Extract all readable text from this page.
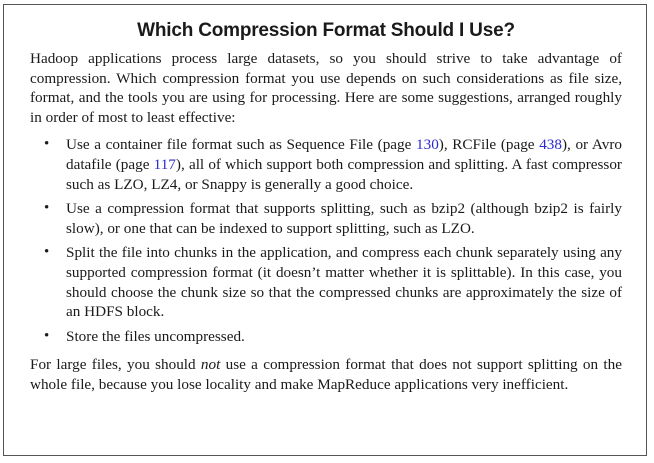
Which Compression Format Should I Use?

Hadoop applications process large datasets, so you should strive to take advantage of compression. Which compression format you use depends on such considerations as file size, format, and the tools you are using for processing. Here are some suggestions, arranged roughly in order of most to least effective:

• Use a container file format such as Sequence File (page 130), RCFile (page 438), or Avro datafile (page 117), all of which support both compression and splitting. A fast compressor such as LZO, LZ4, or Snappy is generally a good choice.
• Use a compression format that supports splitting, such as bzip2 (although bzip2 is fairly slow), or one that can be indexed to support splitting, such as LZO.
• Split the file into chunks in the application, and compress each chunk separately using any supported compression format (it doesn’t matter whether it is splittable). In this case, you should choose the chunk size so that the compressed chunks are approximately the size of an HDFS block.
• Store the files uncompressed.

For large files, you should not use a compression format that does not support splitting on the whole file, because you lose locality and make MapReduce applications very inefficient.
